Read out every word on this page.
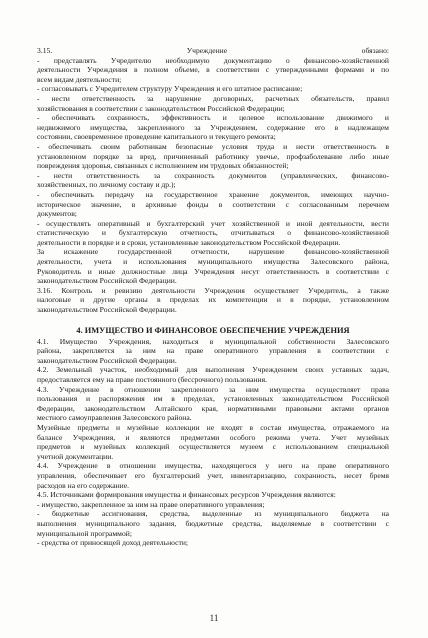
3.15. Учреждение обязано:
- представлять Учредителю необходимую документацию о финансово-хозяйственной
деятельности Учреждения в полном объеме, в соответствии с утвержденными формами и по
всем видам деятельности;
- согласовывать с Учредителем структуру Учреждения и его штатное расписание;
- нести ответственность за нарушение договорных, расчетных обязательств, правил
хозяйствования в соответствии с законодательством Российской Федерации;
- обеспечивать сохранность, эффективность и целевое использование движимого и
недвижимого имущества, закрепленного за Учреждением, содержание его в надлежащем
состоянии, своевременное проведение капитального и текущего ремонта;
- обеспечивать своим работникам безопасные условия труда и нести ответственность в
установленном порядке за вред, причиненный работнику увечье, профзаболевание либо иные
повреждения здоровья, связанных с исполнением им трудовых обязанностей;
- нести ответственность за сохранность документов (управленческих, финансово-
хозяйственных, по личному составу и др.);
- обеспечивать передачу на государственное хранение документов, имеющих научно-
историческое значение, в архивные фонды в соответствии с согласованным перечнем
документов;
- осуществлять оперативный и бухгалтерский учет хозяйственной и иной деятельности, вести
статистическую и бухгалтерскую отчетность, отчитываться о финансово-хозяйственной
деятельности в порядке и в сроки, установленные законодательством Российской Федерации.
За искажение государственной отчетности, нарушение финансово-хозяйственной
деятельности, учета и использования муниципального имущества Залесовского района,
Руководитель и иные должностные лица Учреждения несут ответственность в соответствии с
законодательством Российской Федерации.
3.16. Контроль и ревизию деятельности Учреждения осуществляет Учредитель, а также
налоговые и другие органы в пределах их компетенции и в порядке, установленном
законодательством Российской Федерации.
4. ИМУЩЕСТВО И ФИНАНСОВОЕ ОБЕСПЕЧЕНИЕ УЧРЕЖДЕНИЯ
4.1. Имущество Учреждения, находиться в муниципальной собственности Залесовского
района, закрепляется за ним на праве оперативного управления в соответствии с
законодательством Российской Федерации.
4.2. Земельный участок, необходимый для выполнения Учреждением своих уставных задач,
предоставляется ему на праве постоянного (бессрочного) пользования.
4.3. Учреждение в отношении закрепленного за ним имущества осуществляет права
пользования и распоряжения им в пределах, установленных законодательством Российской
Федерации, законодательством Алтайского края, нормативными правовыми актами органов
местного самоуправления Залесовского района.
Музейные предметы и музейные коллекции не входят в состав имущества, отражаемого на
балансе Учреждения, и являются предметами особого режима учета. Учет музейных
предметов и музейных коллекций осуществляется музеем с использованием специальной
учетной документации.
4.4. Учреждение в отношении имущества, находящегося у него на праве оперативного
управления, обеспечивает его бухгалтерский учет, инвентаризацию, сохранность, несет бремя
расходов на его содержание.
4.5. Источниками формирования имущества и финансовых ресурсов Учреждения являются:
- имущество, закрепленное за ним на праве оперативного управления;
- бюджетные ассигнования, средства, выделенные из муниципального бюджета на
выполнения муниципального задания, бюджетные средства, выделяемые в соответствии с
муниципальной программой;
- средства от приносящей доход деятельности;
11
